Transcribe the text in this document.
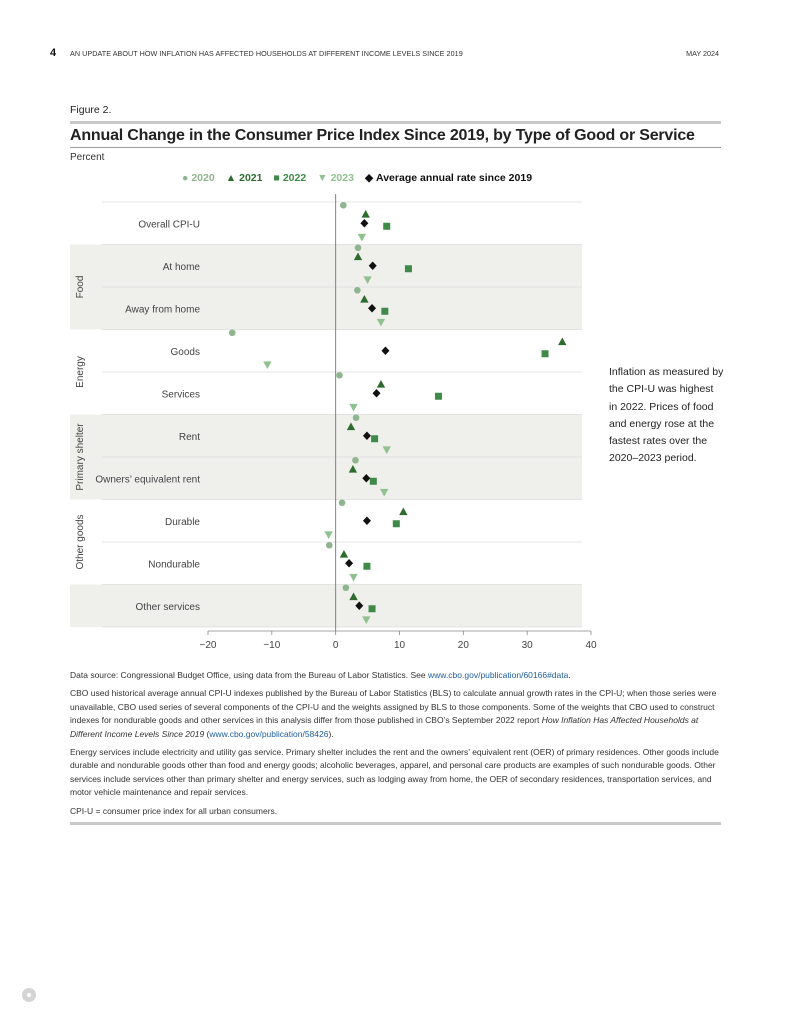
4 AN UPDATE ABOUT HOW INFLATION HAS AFFECTED HOUSEHOLDS AT DIFFERENT INCOME LEVELS SINCE 2019	MAY 2024
Figure 2.
Annual Change in the Consumer Price Index Since 2019, by Type of Good or Service
Percent
● 2020 ▲ 2021 ■ 2022 ▼ 2023 ◆ Average annual rate since 2019
Overall CPI-U
At home
Away from home
Goods
Services
Rent
Owners’ equivalent rent
Durable
Nondurable
Other services
Food
Energy
Primary shelter
Other goods
−20	−10	0	10	20	30	40
Inflation as measured by the CPI-U was highest in 2022. Prices of food and energy rose at the fastest rates over the 2020–2023 period.

Data source: Congressional Budget Office, using data from the Bureau of Labor Statistics. See www.cbo.gov/publication/60166#data.

CBO used historical average annual CPI-U indexes published by the Bureau of Labor Statistics (BLS) to calculate annual growth rates in the CPI-U; when those series were unavailable, CBO used series of several components of the CPI-U and the weights assigned by BLS to those components. Some of the weights that CBO used to construct indexes for nondurable goods and other services in this analysis differ from those published in CBO’s September 2022 report How Inflation Has Affected Households at Different Income Levels Since 2019 (www.cbo.gov/publication/58426).

Energy services include electricity and utility gas service. Primary shelter includes the rent and the owners’ equivalent rent (OER) of primary residences. Other goods include durable and nondurable goods other than food and energy goods; alcoholic beverages, apparel, and personal care products are examples of such nondurable goods. Other services include services other than primary shelter and energy services, such as lodging away from home, the OER of secondary residences, transportation services, and motor vehicle maintenance and repair services.

CPI-U = consumer price index for all urban consumers.
